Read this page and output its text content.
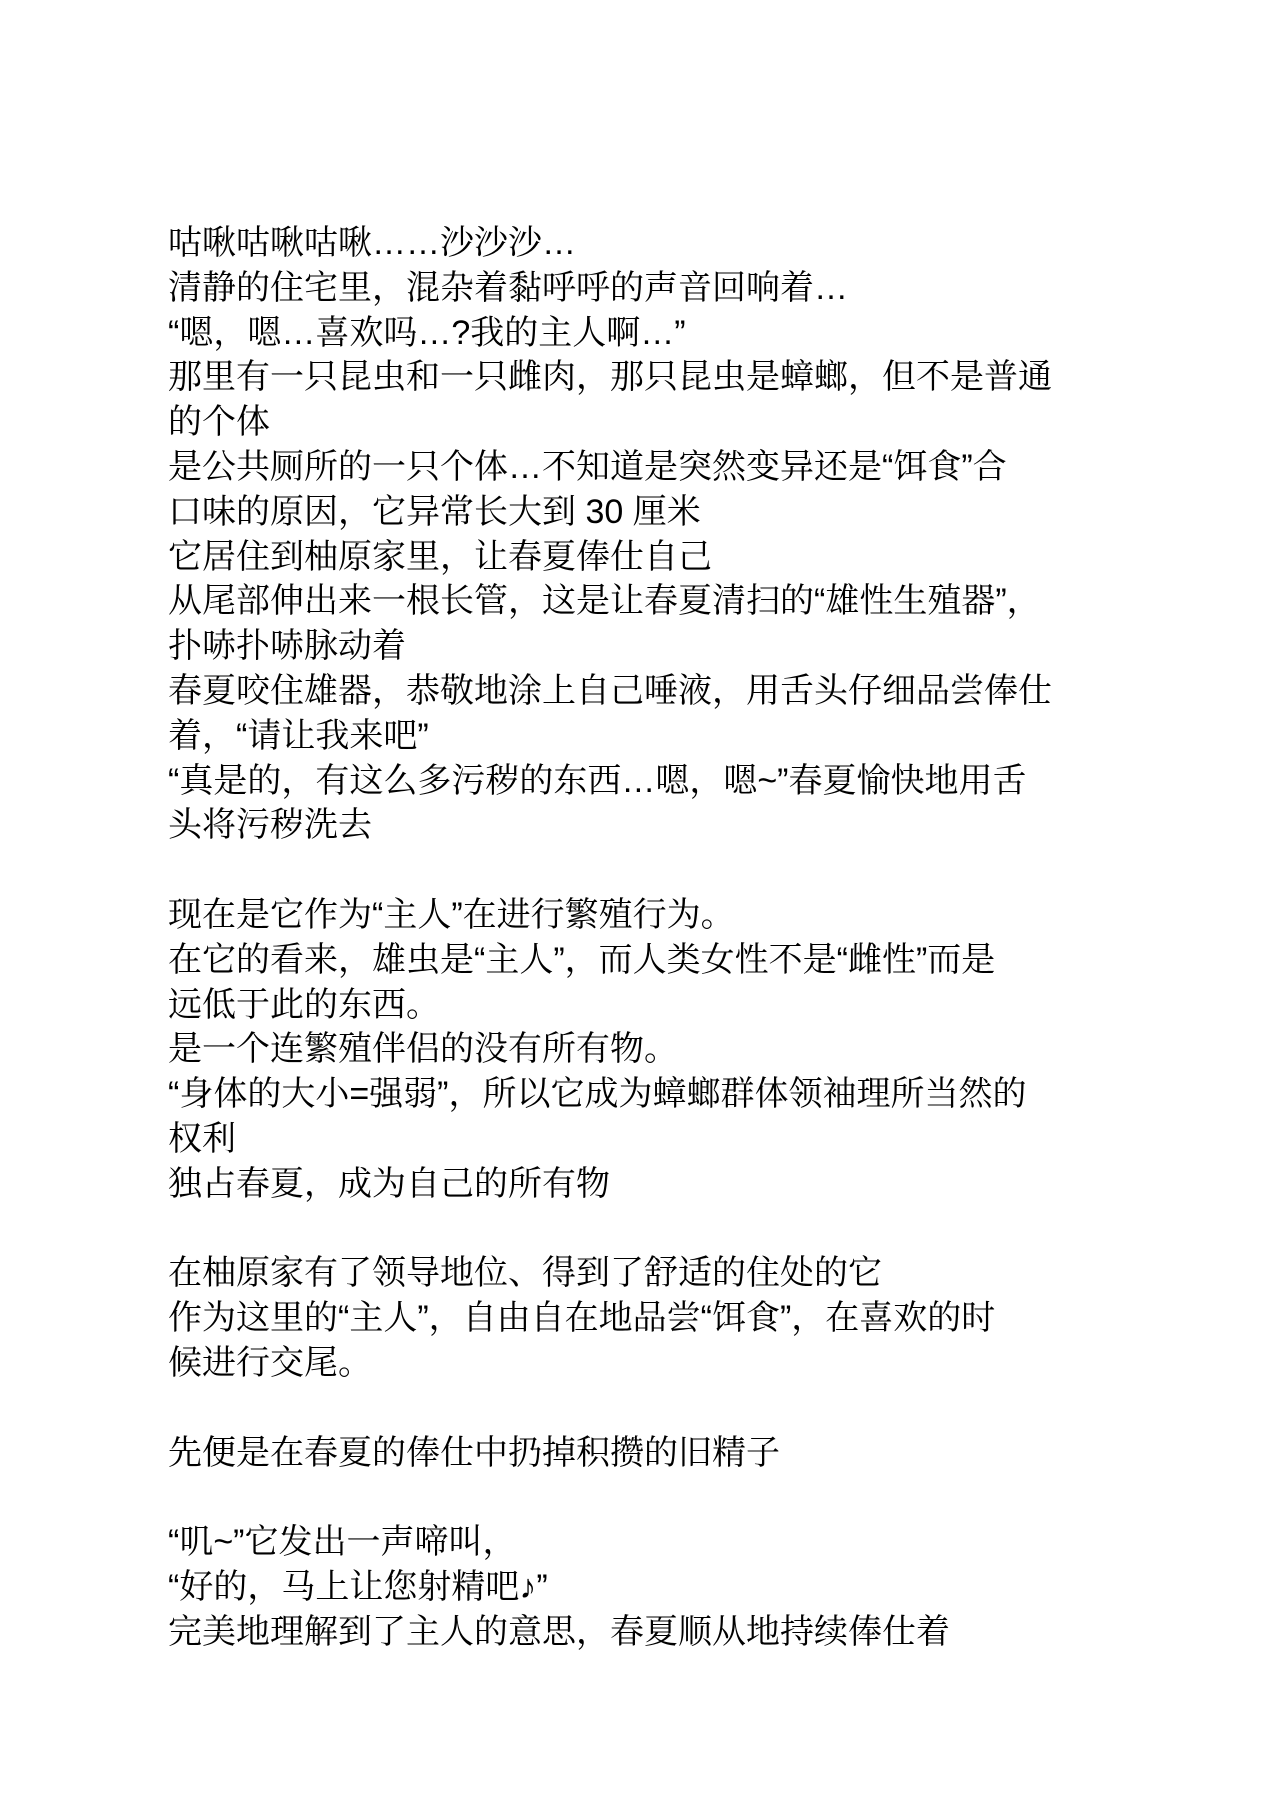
咕啾咕啾咕啾……沙沙沙…
清静的住宅里，混杂着黏呼呼的声音回响着…
“嗯，嗯…喜欢吗…?我的主人啊…”
那里有一只昆虫和一只雌肉，那只昆虫是蟑螂，但不是普通
的个体
是公共厕所的一只个体…不知道是突然变异还是“饵食”合
口味的原因，它异常长大到 30 厘米
它居住到柚原家里，让春夏俸仕自己
从尾部伸出来一根长管，这是让春夏清扫的“雄性生殖器”，
扑哧扑哧脉动着
春夏咬住雄器，恭敬地涂上自己唾液，用舌头仔细品尝俸仕
着，“请让我来吧”
“真是的，有这么多污秽的东西…嗯，嗯~”春夏愉快地用舌
头将污秽洗去
现在是它作为“主人”在进行繁殖行为。
在它的看来，雄虫是“主人”，而人类女性不是“雌性”而是
远低于此的东西。
是一个连繁殖伴侣的没有所有物。
“身体的大小=强弱”，所以它成为蟑螂群体领袖理所当然的
权利
独占春夏，成为自己的所有物
在柚原家有了领导地位、得到了舒适的住处的它
作为这里的“主人”，自由自在地品尝“饵食”，在喜欢的时
候进行交尾。
先便是在春夏的俸仕中扔掉积攒的旧精子
“叽~”它发出一声啼叫，
“好的，马上让您射精吧♪”
完美地理解到了主人的意思，春夏顺从地持续俸仕着
